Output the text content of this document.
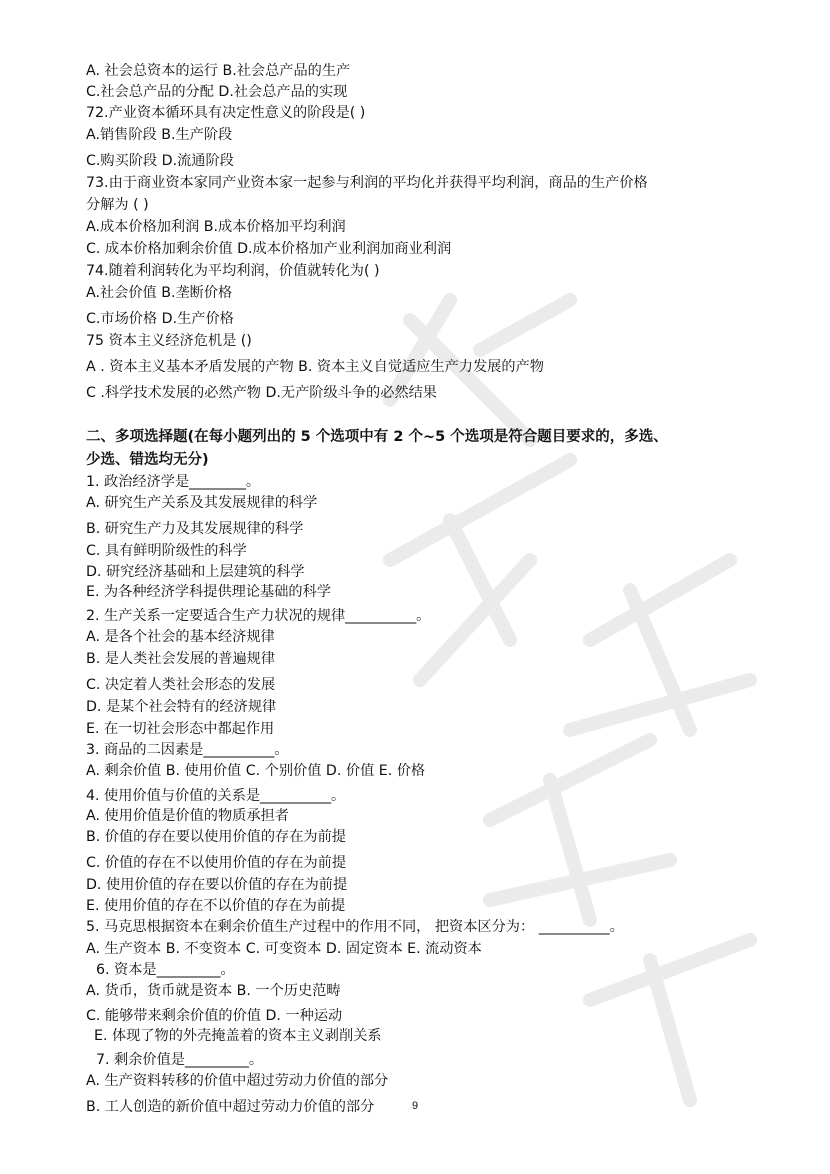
A. 社会总资本的运行 B.社会总产品的生产
C.社会总产品的分配 D.社会总产品的实现
72.产业资本循环具有决定性意义的阶段是( )
A.销售阶段 B.生产阶段
C.购买阶段 D.流通阶段
73.由于商业资本家同产业资本家一起参与利润的平均化并获得平均利润，商品的生产价格
分解为 ( )
A.成本价格加利润 B.成本价格加平均利润
C. 成本价格加剩余价值 D.成本价格加产业利润加商业利润
74.随着利润转化为平均利润，价值就转化为( )
A.社会价值 B.垄断价格
C.市场价格 D.生产价格
75 资本主义经济危机是 ()
A . 资本主义基本矛盾发展的产物 B. 资本主义自觉适应生产力发展的产物
C .科学技术发展的必然产物 D.无产阶级斗争的必然结果
二、多项选择题(在每小题列出的 5 个选项中有 2 个~5 个选项是符合题目要求的，多选、
少选、错选均无分)
1. 政治经济学是________。
A. 研究生产关系及其发展规律的科学
B. 研究生产力及其发展规律的科学
C. 具有鲜明阶级性的科学
D. 研究经济基础和上层建筑的科学
E. 为各种经济学科提供理论基础的科学
2. 生产关系一定要适合生产力状况的规律__________。
A. 是各个社会的基本经济规律
B. 是人类社会发展的普遍规律
C. 决定着人类社会形态的发展
D. 是某个社会特有的经济规律
E. 在一切社会形态中都起作用
3. 商品的二因素是__________。
A. 剩余价值 B. 使用价值 C. 个别价值 D. 价值 E. 价格
4. 使用价值与价值的关系是__________。
A. 使用价值是价值的物质承担者
B. 价值的存在要以使用价值的存在为前提
C. 价值的存在不以使用价值的存在为前提
D. 使用价值的存在要以价值的存在为前提
E. 使用价值的存在不以价值的存在为前提
5. 马克思根据资本在剩余价值生产过程中的作用不同， 把资本区分为： __________。
A. 生产资本 B. 不变资本 C. 可变资本 D. 固定资本 E. 流动资本
6. 资本是_________。
A. 货币，货币就是资本 B. 一个历史范畴
C. 能够带来剩余价值的价值 D. 一种运动
E. 体现了物的外壳掩盖着的资本主义剥削关系
7. 剩余价值是_________。
A. 生产资料转移的价值中超过劳动力价值的部分
B. 工人创造的新价值中超过劳动力价值的部分	9
